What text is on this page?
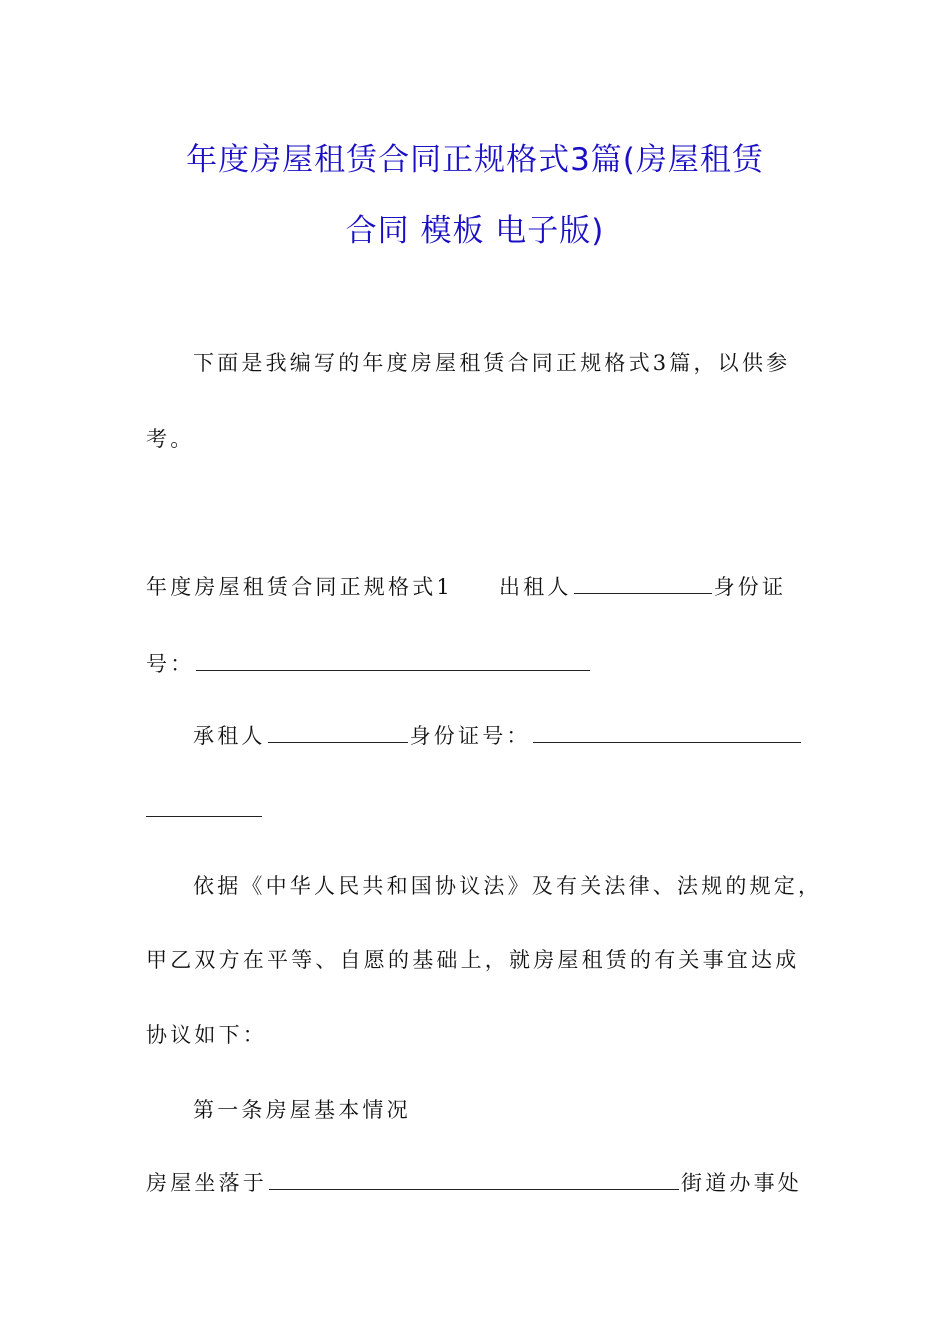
年度房屋租赁合同正规格式3篇(房屋租赁
合同 模板 电子版)
下面是我编写的年度房屋租赁合同正规格式3篇，以供参
考。
年度房屋租赁合同正规格式1 出租人	身份证
号：
承租人	身份证号：
依据《中华人民共和国协议法》及有关法律、法规的规定，
甲乙双方在平等、自愿的基础上，就房屋租赁的有关事宜达成
协议如下：
第一条房屋基本情况
房屋坐落于	街道办事处
